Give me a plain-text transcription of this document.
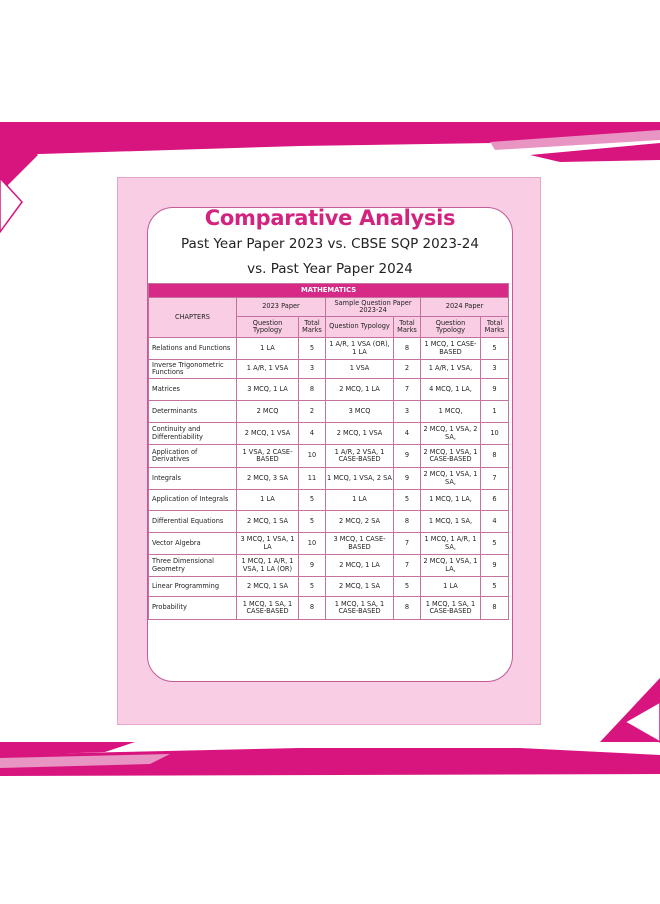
Comparative Analysis
Past Year Paper 2023 vs. CBSE SQP 2023-24
vs. Past Year Paper 2024
MATHEMATICS						
CHAPTERS	2023 Paper		Sample Question Paper 2023-24		2024 Paper	
	Question Typology	Total Marks	Question Typology	Total Marks	Question Typology	Total Marks
Relations and Functions	1 LA	5	1 A/R, 1 VSA (OR), 1 LA	8	1 MCQ, 1 CASE-BASED	5
Inverse Trigonometric Functions	1 A/R, 1 VSA	3	1 VSA	2	1 A/R, 1 VSA,	3
Matrices	3 MCQ, 1 LA	8	2 MCQ, 1 LA	7	4 MCQ, 1 LA,	9
Determinants	2 MCQ	2	3 MCQ	3	1 MCQ,	1
Continuity and Differentiability	2 MCQ, 1 VSA	4	2 MCQ, 1 VSA	4	2 MCQ, 1 VSA, 2 SA,	10
Application of Derivatives	1 VSA, 2 CASE-BASED	10	1 A/R, 2 VSA, 1 CASE-BASED	9	2 MCQ, 1 VSA, 1 CASE-BASED	8
Integrals	2 MCQ, 3 SA	11	1 MCQ, 1 VSA, 2 SA	9	2 MCQ, 1 VSA, 1 SA,	7
Application of Integrals	1 LA	5	1 LA	5	1 MCQ, 1 LA,	6
Differential Equations	2 MCQ, 1 SA	5	2 MCQ, 2 SA	8	1 MCQ, 1 SA,	4
Vector Algebra	3 MCQ, 1 VSA, 1 LA	10	3 MCQ, 1 CASE-BASED	7	1 MCQ, 1 A/R, 1 SA,	5
Three Dimensional Geometry	1 MCQ, 1 A/R, 1 VSA, 1 LA (OR)	9	2 MCQ, 1 LA	7	2 MCQ, 1 VSA, 1 LA,	9
Linear Programming	2 MCQ, 1 SA	5	2 MCQ, 1 SA	5	1 LA	5
Probability	1 MCQ, 1 SA, 1 CASE-BASED	8	1 MCQ, 1 SA, 1 CASE-BASED	8	1 MCQ, 1 SA, 1 CASE-BASED	8
